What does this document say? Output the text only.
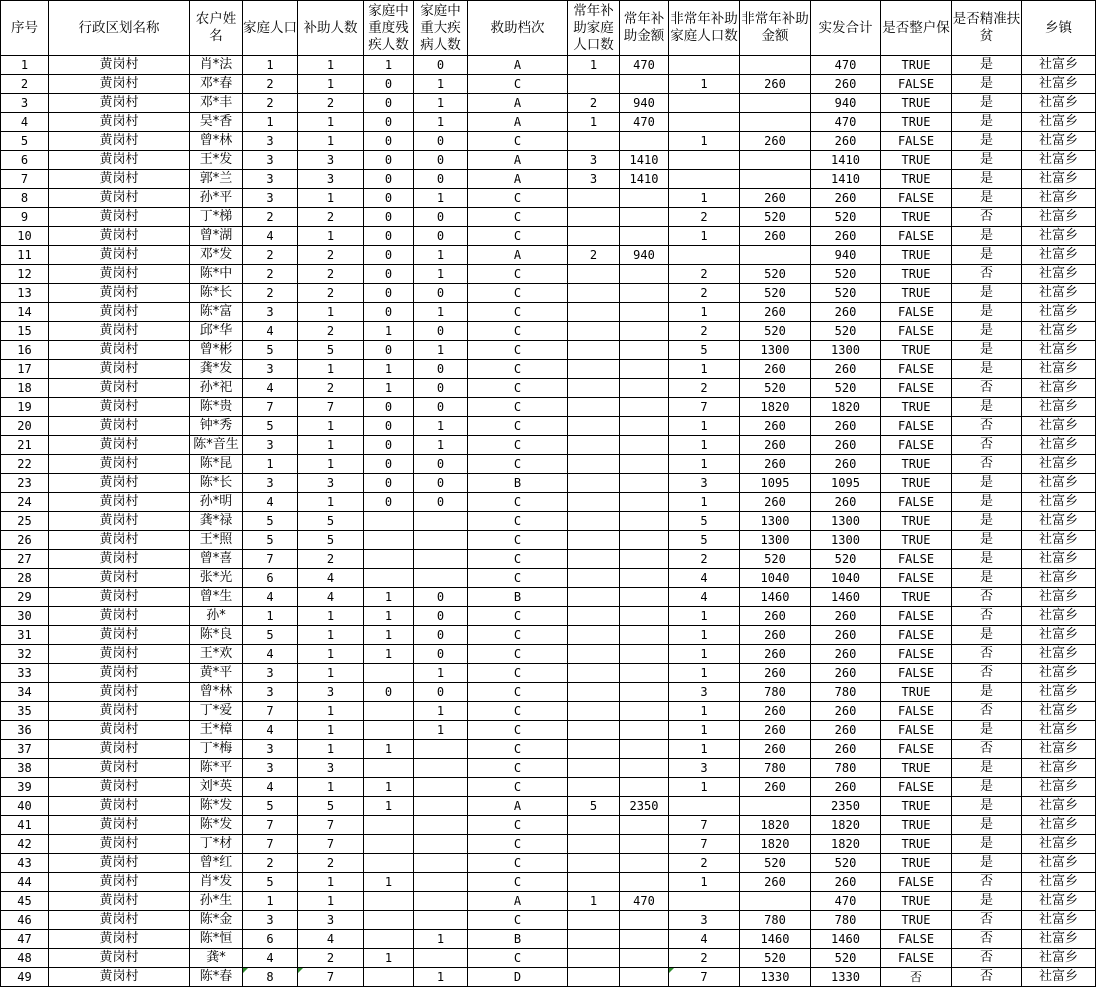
序号	行政区划名称	农户姓名	家庭人口	补助人数	家庭中重度残疾人数	家庭中重大疾病人数	救助档次	常年补助家庭人口数	常年补助金额	非常年补助家庭人口数	非常年补助金额	实发合计	是否整户保	是否精准扶贫	乡镇
1	黄岗村	肖*法	1	1	1	0	A	1	470			470	TRUE	是	社富乡
2	黄岗村	邓*春	2	1	0	1	C			1	260	260	FALSE	是	社富乡
3	黄岗村	邓*丰	2	2	0	1	A	2	940			940	TRUE	是	社富乡
4	黄岗村	吴*香	1	1	0	1	A	1	470			470	TRUE	是	社富乡
5	黄岗村	曾*林	3	1	0	0	C			1	260	260	FALSE	是	社富乡
6	黄岗村	王*发	3	3	0	0	A	3	1410			1410	TRUE	是	社富乡
7	黄岗村	郭*兰	3	3	0	0	A	3	1410			1410	TRUE	是	社富乡
8	黄岗村	孙*平	3	1	0	1	C			1	260	260	FALSE	是	社富乡
9	黄岗村	丁*梯	2	2	0	0	C			2	520	520	TRUE	否	社富乡
10	黄岗村	曾*湖	4	1	0	0	C			1	260	260	FALSE	是	社富乡
11	黄岗村	邓*发	2	2	0	1	A	2	940			940	TRUE	是	社富乡
12	黄岗村	陈*中	2	2	0	1	C			2	520	520	TRUE	否	社富乡
13	黄岗村	陈*长	2	2	0	0	C			2	520	520	TRUE	是	社富乡
14	黄岗村	陈*富	3	1	0	1	C			1	260	260	FALSE	是	社富乡
15	黄岗村	邱*华	4	2	1	0	C			2	520	520	FALSE	是	社富乡
16	黄岗村	曾*彬	5	5	0	1	C			5	1300	1300	TRUE	是	社富乡
17	黄岗村	龚*发	3	1	1	0	C			1	260	260	FALSE	是	社富乡
18	黄岗村	孙*祀	4	2	1	0	C			2	520	520	FALSE	否	社富乡
19	黄岗村	陈*贵	7	7	0	0	C			7	1820	1820	TRUE	是	社富乡
20	黄岗村	钟*秀	5	1	0	1	C			1	260	260	FALSE	否	社富乡
21	黄岗村	陈*音生	3	1	0	1	C			1	260	260	FALSE	否	社富乡
22	黄岗村	陈*昆	1	1	0	0	C			1	260	260	TRUE	否	社富乡
23	黄岗村	陈*长	3	3	0	0	B			3	1095	1095	TRUE	是	社富乡
24	黄岗村	孙*明	4	1	0	0	C			1	260	260	FALSE	是	社富乡
25	黄岗村	龚*禄	5	5			C			5	1300	1300	TRUE	是	社富乡
26	黄岗村	王*照	5	5			C			5	1300	1300	TRUE	是	社富乡
27	黄岗村	曾*喜	7	2			C			2	520	520	FALSE	是	社富乡
28	黄岗村	张*光	6	4			C			4	1040	1040	FALSE	是	社富乡
29	黄岗村	曾*生	4	4	1	0	B			4	1460	1460	TRUE	否	社富乡
30	黄岗村	孙*	1	1	1	0	C			1	260	260	FALSE	否	社富乡
31	黄岗村	陈*良	5	1	1	0	C			1	260	260	FALSE	是	社富乡
32	黄岗村	王*欢	4	1	1	0	C			1	260	260	FALSE	否	社富乡
33	黄岗村	黄*平	3	1		1	C			1	260	260	FALSE	否	社富乡
34	黄岗村	曾*林	3	3	0	0	C			3	780	780	TRUE	是	社富乡
35	黄岗村	丁*爱	7	1		1	C			1	260	260	FALSE	否	社富乡
36	黄岗村	王*樟	4	1		1	C			1	260	260	FALSE	是	社富乡
37	黄岗村	丁*梅	3	1	1		C			1	260	260	FALSE	否	社富乡
38	黄岗村	陈*平	3	3			C			3	780	780	TRUE	是	社富乡
39	黄岗村	刘*英	4	1	1		C			1	260	260	FALSE	是	社富乡
40	黄岗村	陈*发	5	5	1		A	5	2350			2350	TRUE	是	社富乡
41	黄岗村	陈*发	7	7			C			7	1820	1820	TRUE	是	社富乡
42	黄岗村	丁*材	7	7			C			7	1820	1820	TRUE	是	社富乡
43	黄岗村	曾*红	2	2			C			2	520	520	TRUE	是	社富乡
44	黄岗村	肖*发	5	1	1		C			1	260	260	FALSE	否	社富乡
45	黄岗村	孙*生	1	1			A	1	470			470	TRUE	是	社富乡
46	黄岗村	陈*金	3	3			C			3	780	780	TRUE	否	社富乡
47	黄岗村	陈*恒	6	4		1	B			4	1460	1460	FALSE	否	社富乡
48	黄岗村	龚*	4	2	1		C			2	520	520	FALSE	否	社富乡
49	黄岗村	陈*春	8	7		1	D			7	1330	1330	否	否	社富乡
